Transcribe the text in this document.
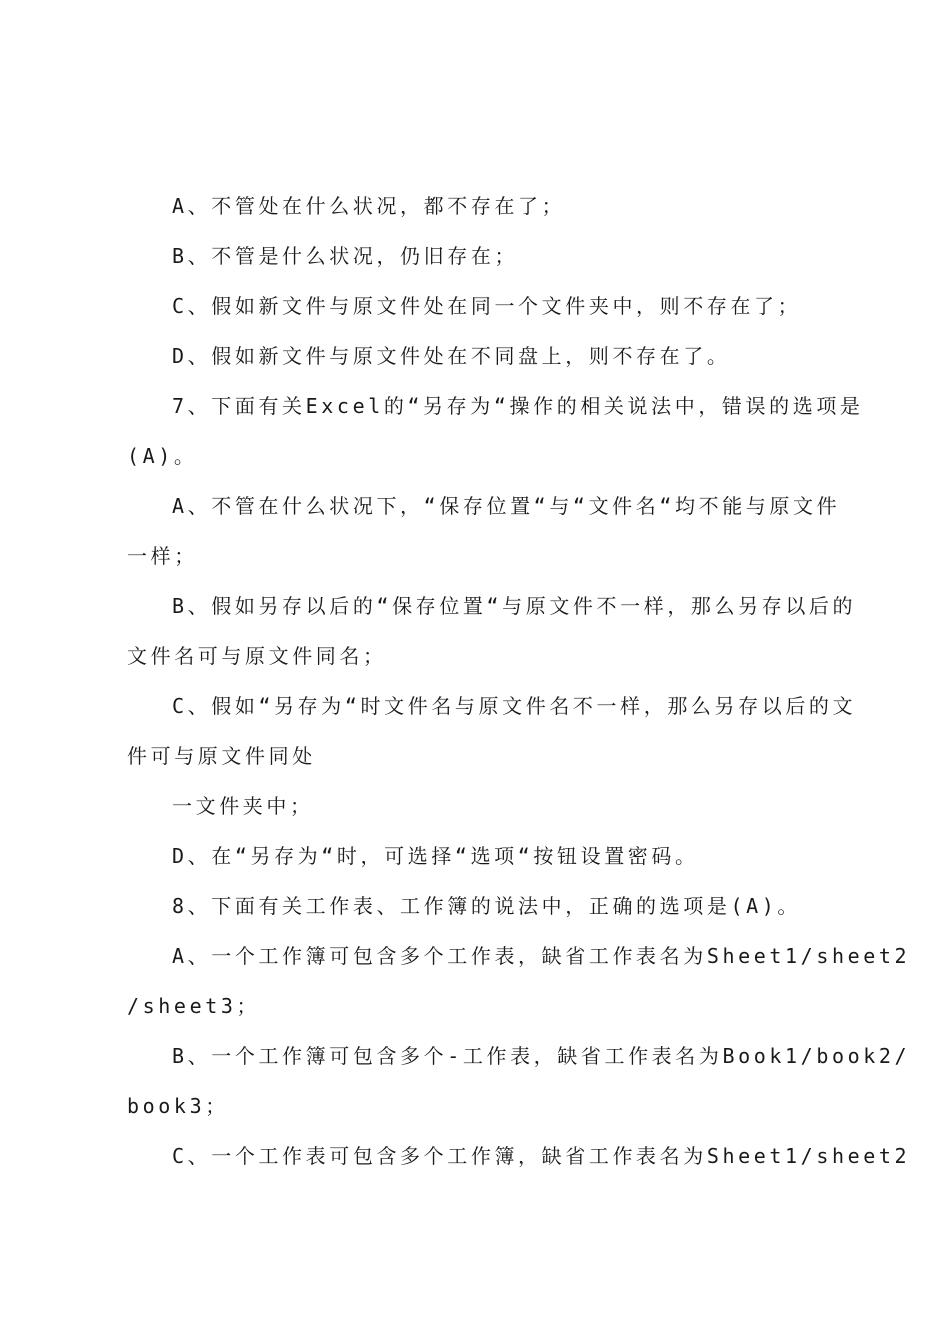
A、不管处在什么状况，都不存在了；
B、不管是什么状况，仍旧存在；
C、假如新文件与原文件处在同一个文件夹中，则不存在了；
D、假如新文件与原文件处在不同盘上，则不存在了。
7、下面有关Excel的“另存为“操作的相关说法中，错误的选项是
(A)。
A、不管在什么状况下，“保存位置“与“文件名“均不能与原文件
一样；
B、假如另存以后的“保存位置“与原文件不一样，那么另存以后的
文件名可与原文件同名；
C、假如“另存为“时文件名与原文件名不一样，那么另存以后的文
件可与原文件同处
一文件夹中；
D、在“另存为“时，可选择“选项“按钮设置密码。
8、下面有关工作表、工作簿的说法中，正确的选项是(A)。
A、一个工作簿可包含多个工作表，缺省工作表名为Sheet1/sheet2
/sheet3；
B、一个工作簿可包含多个-工作表，缺省工作表名为Book1/book2/
book3；
C、一个工作表可包含多个工作簿，缺省工作表名为Sheet1/sheet2
